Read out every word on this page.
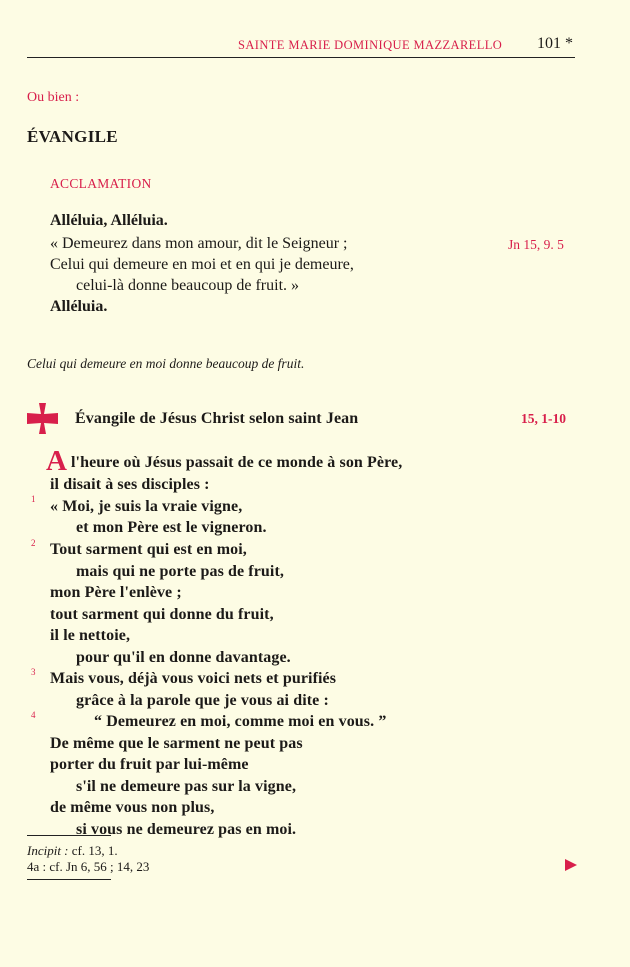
SAINTE MARIE DOMINIQUE MAZZARELLO 101 *
Ou bien :
ÉVANGILE
ACCLAMATION
Alléluia, Alléluia.
« Demeurez dans mon amour, dit le Seigneur ;	Jn 15, 9. 5
Celui qui demeure en moi et en qui je demeure,
celui-là donne beaucoup de fruit. »
Alléluia.
Celui qui demeure en moi donne beaucoup de fruit.
Évangile de Jésus Christ selon saint Jean	15, 1-10
A l'heure où Jésus passait de ce monde à son Père,
il disait à ses disciples :
1 « Moi, je suis la vraie vigne,
et mon Père est le vigneron.
2 Tout sarment qui est en moi,
mais qui ne porte pas de fruit,
mon Père l'enlève ;
tout sarment qui donne du fruit,
il le nettoie,
pour qu'il en donne davantage.
3 Mais vous, déjà vous voici nets et purifiés
grâce à la parole que je vous ai dite :
4	“ Demeurez en moi, comme moi en vous. ”
De même que le sarment ne peut pas
porter du fruit par lui-même
s'il ne demeure pas sur la vigne,
de même vous non plus,
si vous ne demeurez pas en moi.
Incipit : cf. 13, 1.
4a : cf. Jn 6, 56 ; 14, 23
